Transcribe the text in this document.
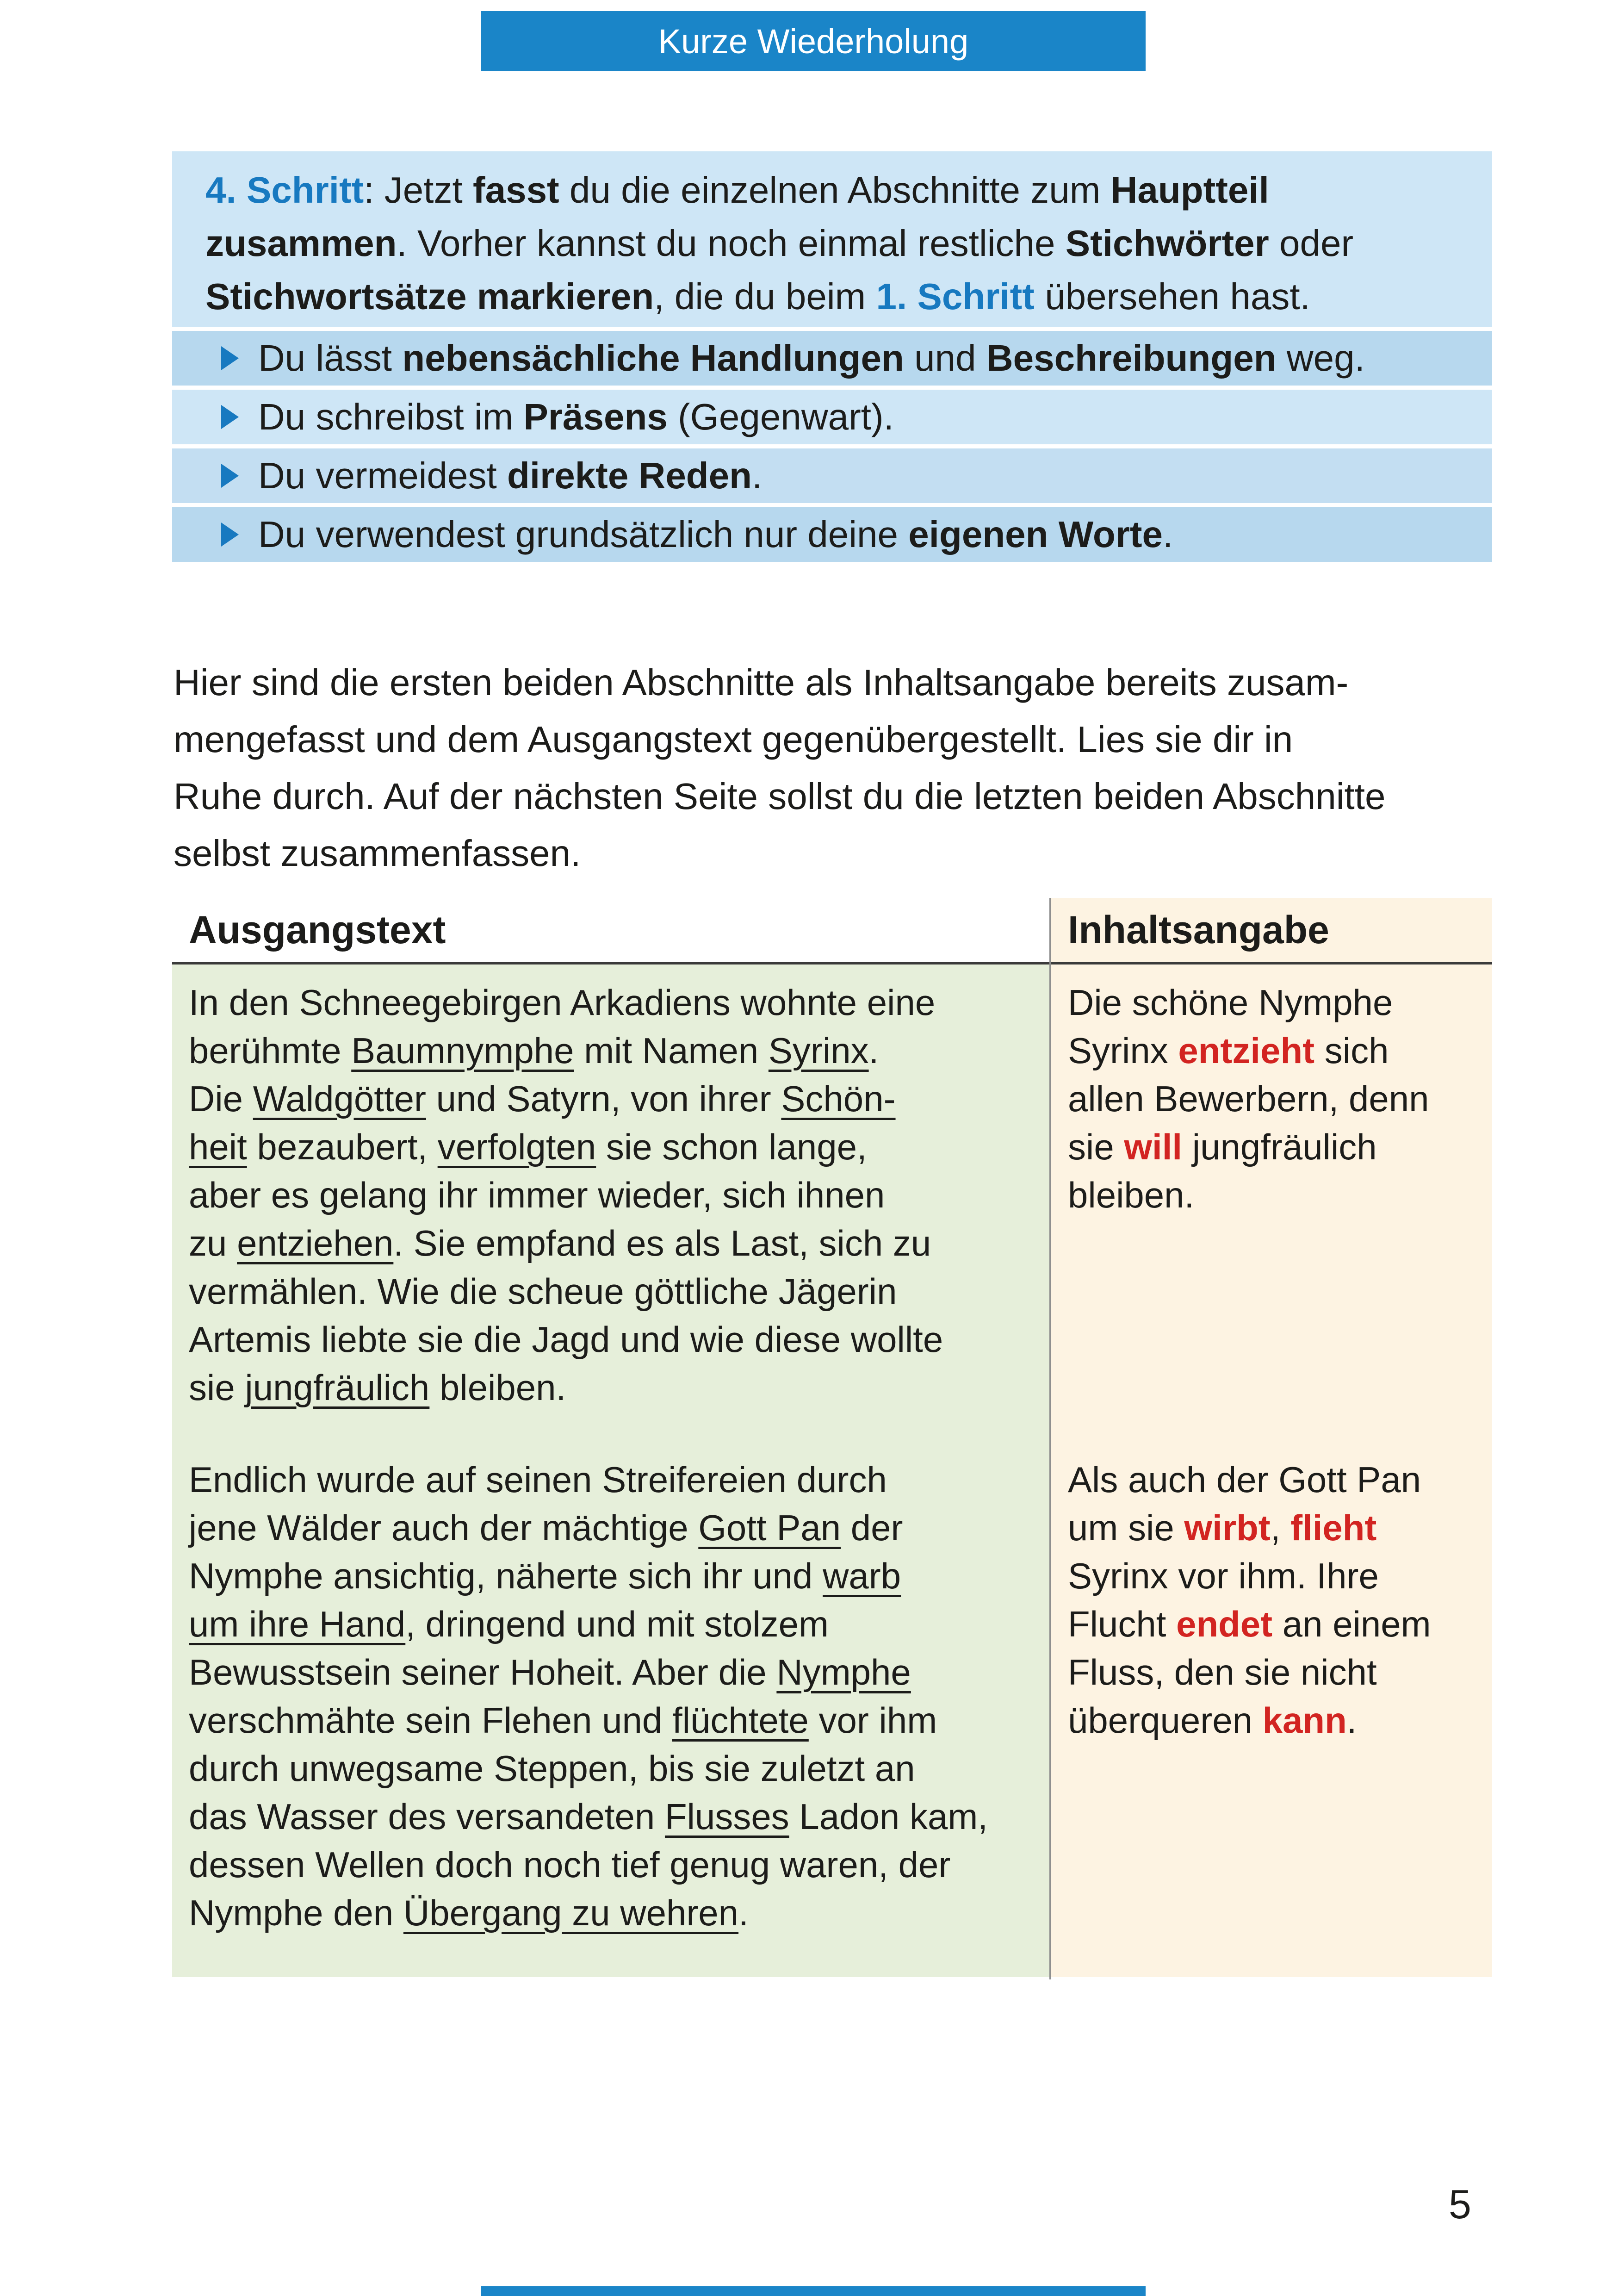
Kurze Wiederholung
4. Schritt: Jetzt fasst du die einzelnen Abschnitte zum Hauptteil
zusammen. Vorher kannst du noch einmal restliche Stichwörter oder
Stichwortsätze markieren, die du beim 1. Schritt übersehen hast.
Du lässt nebensächliche Handlungen und Beschreibungen weg.
Du schreibst im Präsens (Gegenwart).
Du vermeidest direkte Reden.
Du verwendest grundsätzlich nur deine eigenen Worte.
Hier sind die ersten beiden Abschnitte als Inhaltsangabe bereits zusam-
mengefasst und dem Ausgangstext gegenübergestellt. Lies sie dir in
Ruhe durch. Auf der nächsten Seite sollst du die letzten beiden Abschnitte
selbst zusammenfassen.
Ausgangstext	Inhaltsangabe
In den Schneegebirgen Arkadiens wohnte eine
berühmte Baumnymphe mit Namen Syrinx.
Die Waldgötter und Satyrn, von ihrer Schön-
heit bezaubert, verfolgten sie schon lange,
aber es gelang ihr immer wieder, sich ihnen
zu entziehen. Sie empfand es als Last, sich zu
vermählen. Wie die scheue göttliche Jägerin
Artemis liebte sie die Jagd und wie diese wollte
sie jungfräulich bleiben.
Die schöne Nymphe
Syrinx entzieht sich
allen Bewerbern, denn
sie will jungfräulich
bleiben.
Endlich wurde auf seinen Streifereien durch
jene Wälder auch der mächtige Gott Pan der
Nymphe ansichtig, näherte sich ihr und warb
um ihre Hand, dringend und mit stolzem
Bewusstsein seiner Hoheit. Aber die Nymphe
verschmähte sein Flehen und flüchtete vor ihm
durch unwegsame Steppen, bis sie zuletzt an
das Wasser des versandeten Flusses Ladon kam,
dessen Wellen doch noch tief genug waren, der
Nymphe den Übergang zu wehren.
Als auch der Gott Pan
um sie wirbt, flieht
Syrinx vor ihm. Ihre
Flucht endet an einem
Fluss, den sie nicht
überqueren kann.
5
